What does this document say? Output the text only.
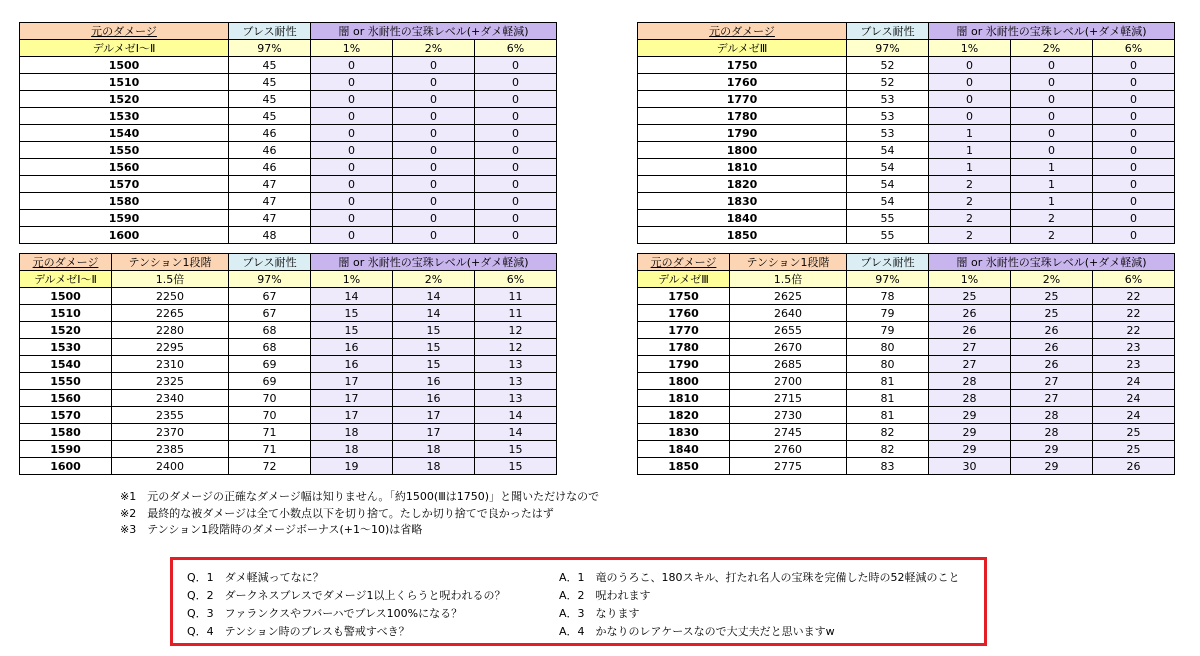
元のダメージ	ブレス耐性	闇 or 氷耐性の宝珠レベル(+ダメ軽減)		
デルメゼⅠ～Ⅱ	97%	1%	2%	6%
1500	45	0	0	0
1510	45	0	0	0
1520	45	0	0	0
1530	45	0	0	0
1540	46	0	0	0
1550	46	0	0	0
1560	46	0	0	0
1570	47	0	0	0
1580	47	0	0	0
1590	47	0	0	0
1600	48	0	0	0
元のダメージ	ブレス耐性	闇 or 氷耐性の宝珠レベル(+ダメ軽減)		
デルメゼⅢ	97%	1%	2%	6%
1750	52	0	0	0
1760	52	0	0	0
1770	53	0	0	0
1780	53	0	0	0
1790	53	1	0	0
1800	54	1	0	0
1810	54	1	1	0
1820	54	2	1	0
1830	54	2	1	0
1840	55	2	2	0
1850	55	2	2	0
元のダメージ	テンション1段階	ブレス耐性	闇 or 氷耐性の宝珠レベル(+ダメ軽減)		
デルメゼⅠ～Ⅱ	1.5倍	97%	1%	2%	6%
1500	2250	67	14	14	11
1510	2265	67	15	14	11
1520	2280	68	15	15	12
1530	2295	68	16	15	12
1540	2310	69	16	15	13
1550	2325	69	17	16	13
1560	2340	70	17	16	13
1570	2355	70	17	17	14
1580	2370	71	18	17	14
1590	2385	71	18	18	15
1600	2400	72	19	18	15
元のダメージ	テンション1段階	ブレス耐性	闇 or 氷耐性の宝珠レベル(+ダメ軽減)		
デルメゼⅢ	1.5倍	97%	1%	2%	6%
1750	2625	78	25	25	22
1760	2640	79	26	25	22
1770	2655	79	26	26	22
1780	2670	80	27	26	23
1790	2685	80	27	26	23
1800	2700	81	28	27	24
1810	2715	81	28	27	24
1820	2730	81	29	28	24
1830	2745	82	29	28	25
1840	2760	82	29	29	25
1850	2775	83	30	29	26
※1　元のダメージの正確なダメージ幅は知りません。「約1500(Ⅲは1750)」と聞いただけなので
※2　最終的な被ダメージは全て小数点以下を切り捨て。たしか切り捨てで良かったはず
※3　テンション1段階時のダメージボーナス(+1～10)は省略
Q．1　ダメ軽減ってなに？	A．1　竜のうろこ、180スキル、打たれ名人の宝珠を完備した時の52軽減のこと
Q．2　ダークネスブレスでダメージ1以上くらうと呪われるの？	A．2　呪われます
Q．3　ファランクスやフバーハでブレス100%になる？	A．3　なります
Q．4　テンション時のブレスも警戒すべき？	A．4　かなりのレアケースなので大丈夫だと思いますw
